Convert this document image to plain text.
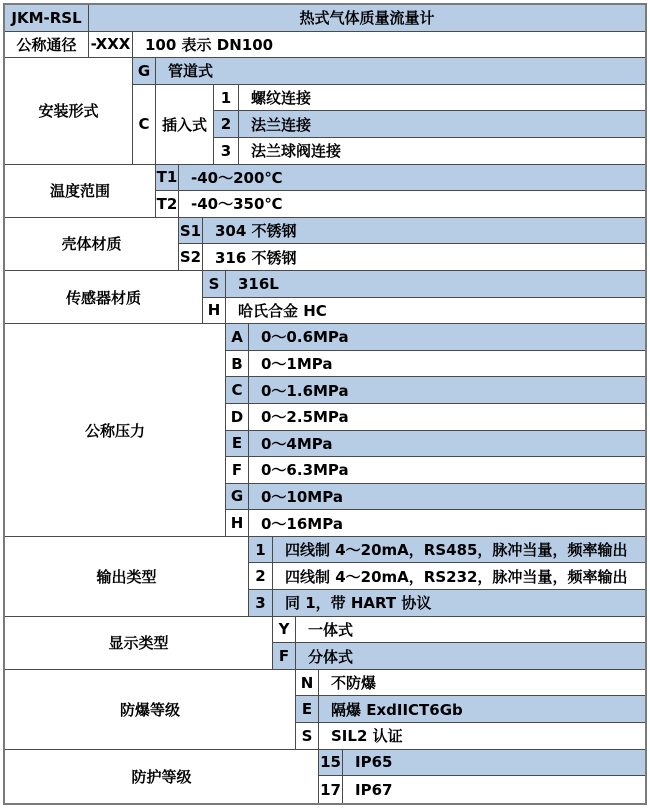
JKM-RSL	热式气体质量流量计
公称通径 -XXX 100 表示 DN100
安装形式
G	管道式
C 插入式
1	螺纹连接
2	法兰连接
3	法兰球阀连接
温度范围
T1 -40～200℃
T2 -40～350℃
壳体材质
S1 304 不锈钢
S2 316 不锈钢
传感器材质
S	316L
H	哈氏合金 HC
公称压力
A	0～0.6MPa
B	0～1MPa
C	0～1.6MPa
D	0～2.5MPa
E	0～4MPa
F	0～6.3MPa
G	0～10MPa
H	0～16MPa
输出类型
1	四线制 4～20mA，RS485，脉冲当量，频率输出
2	四线制 4～20mA，RS232，脉冲当量，频率输出
3	同 1，带 HART 协议
显示类型
Y	一体式
F	分体式
防爆等级
N	不防爆
E	隔爆 ExdIICT6Gb
S	SIL2 认证
防护等级
15 IP65
17 IP67
